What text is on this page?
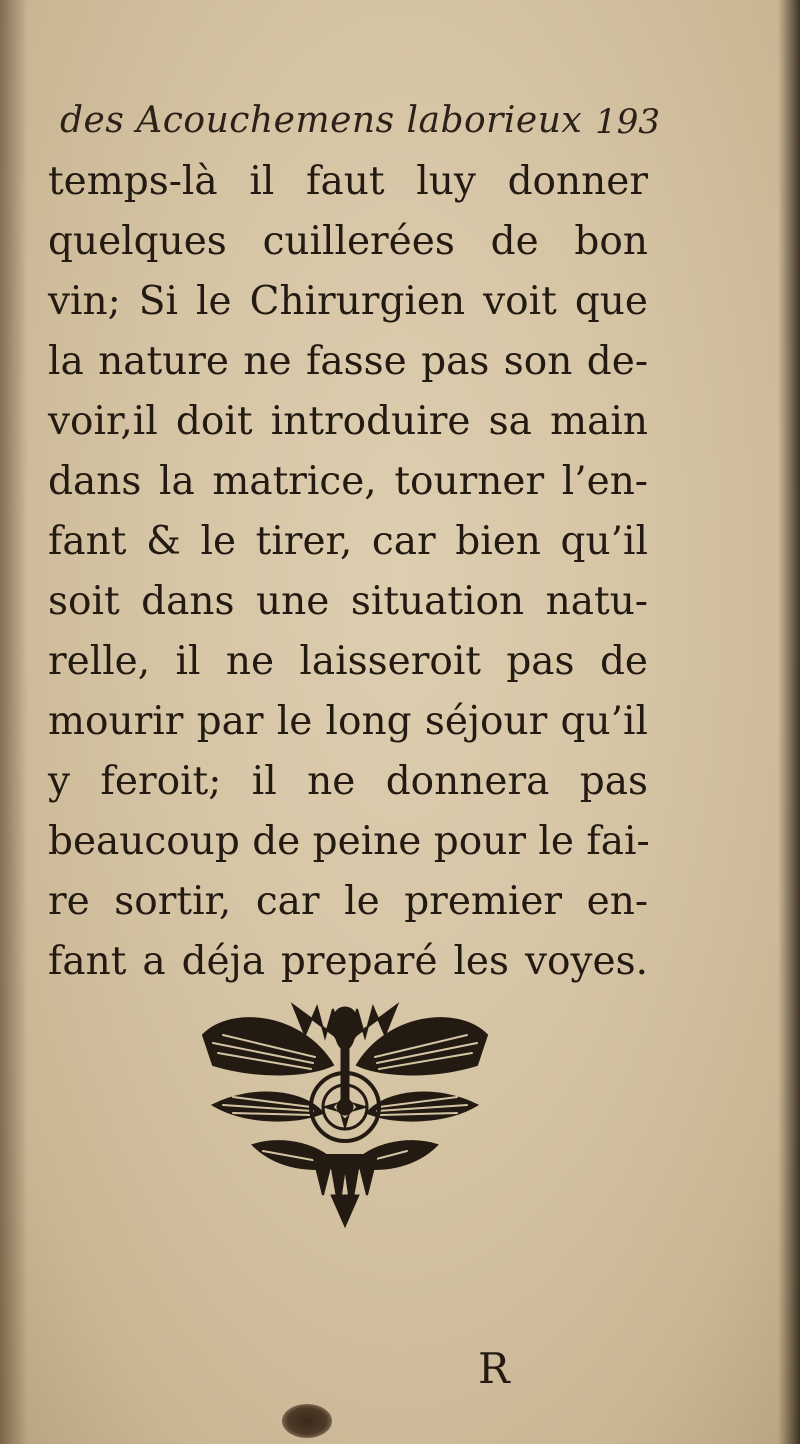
des Acouchemens laborieux 193
temps-là il faut luy donner
quelques cuillerées de bon
vin; Si le Chirurgien voit que
la nature ne fasse pas son de-
voir,il doit introduire sa main
dans la matrice, tourner l’en-
fant & le tirer, car bien qu’il
soit dans une situation natu-
relle, il ne laisseroit pas de
mourir par le long séjour qu’il
y feroit; il ne donnera pas
beaucoup de peine pour le fai-
re sortir, car le premier en-
fant a déja preparé les voyes.
R
